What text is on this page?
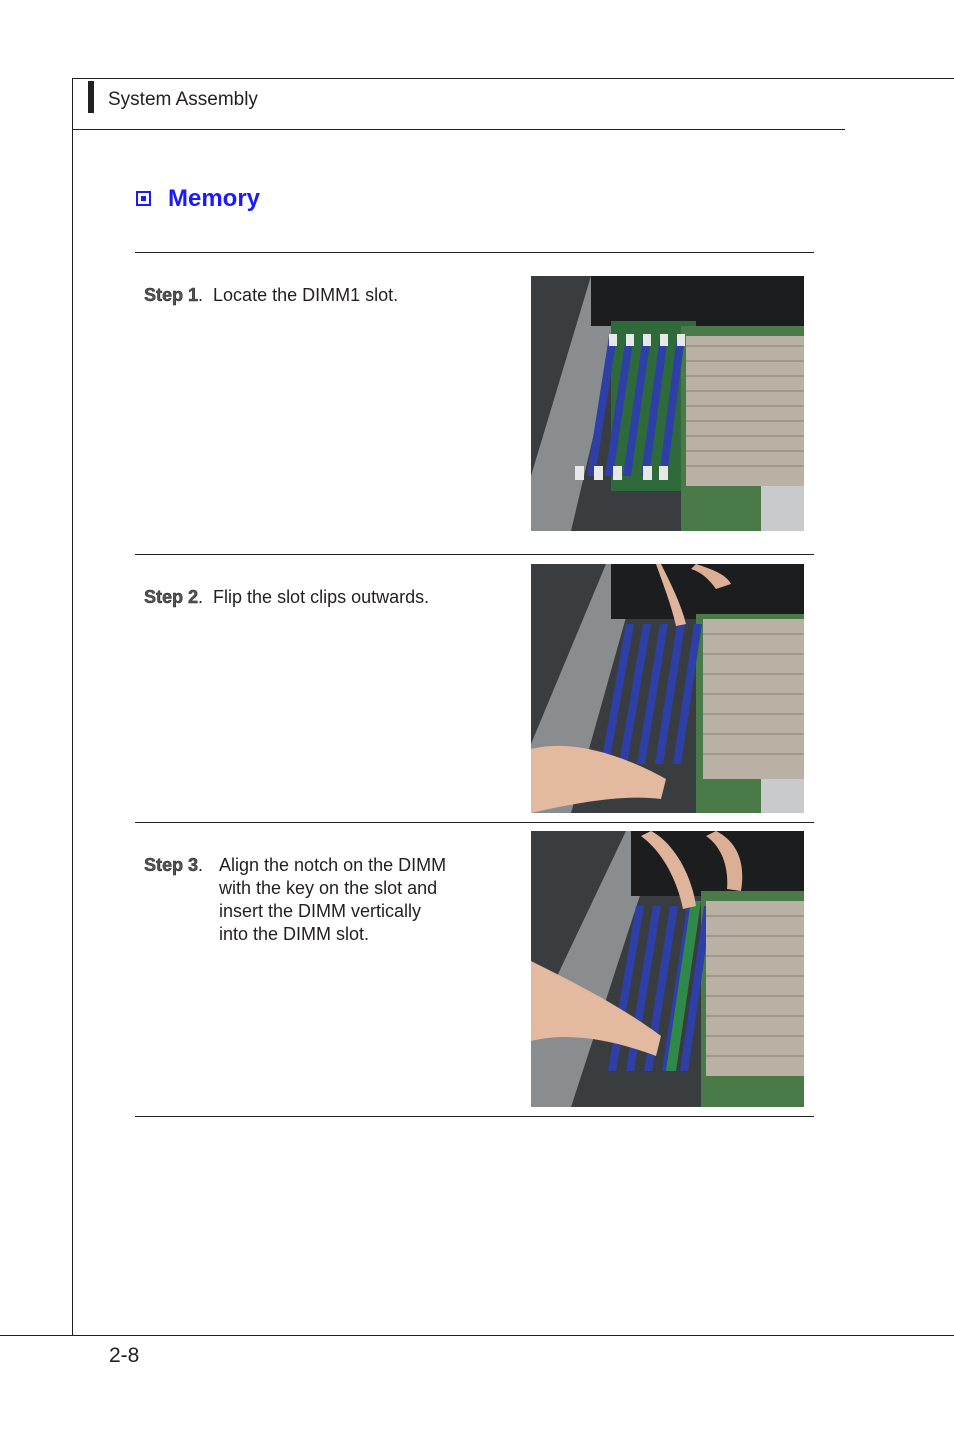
System Assembly
Memory
Step 1.  Locate the DIMM1 slot.
Step 2.  Flip the slot clips outwards.
Step 3. Align the notch on the DIMM
with the key on the slot and
insert the DIMM vertically
into the DIMM slot.
2-8
